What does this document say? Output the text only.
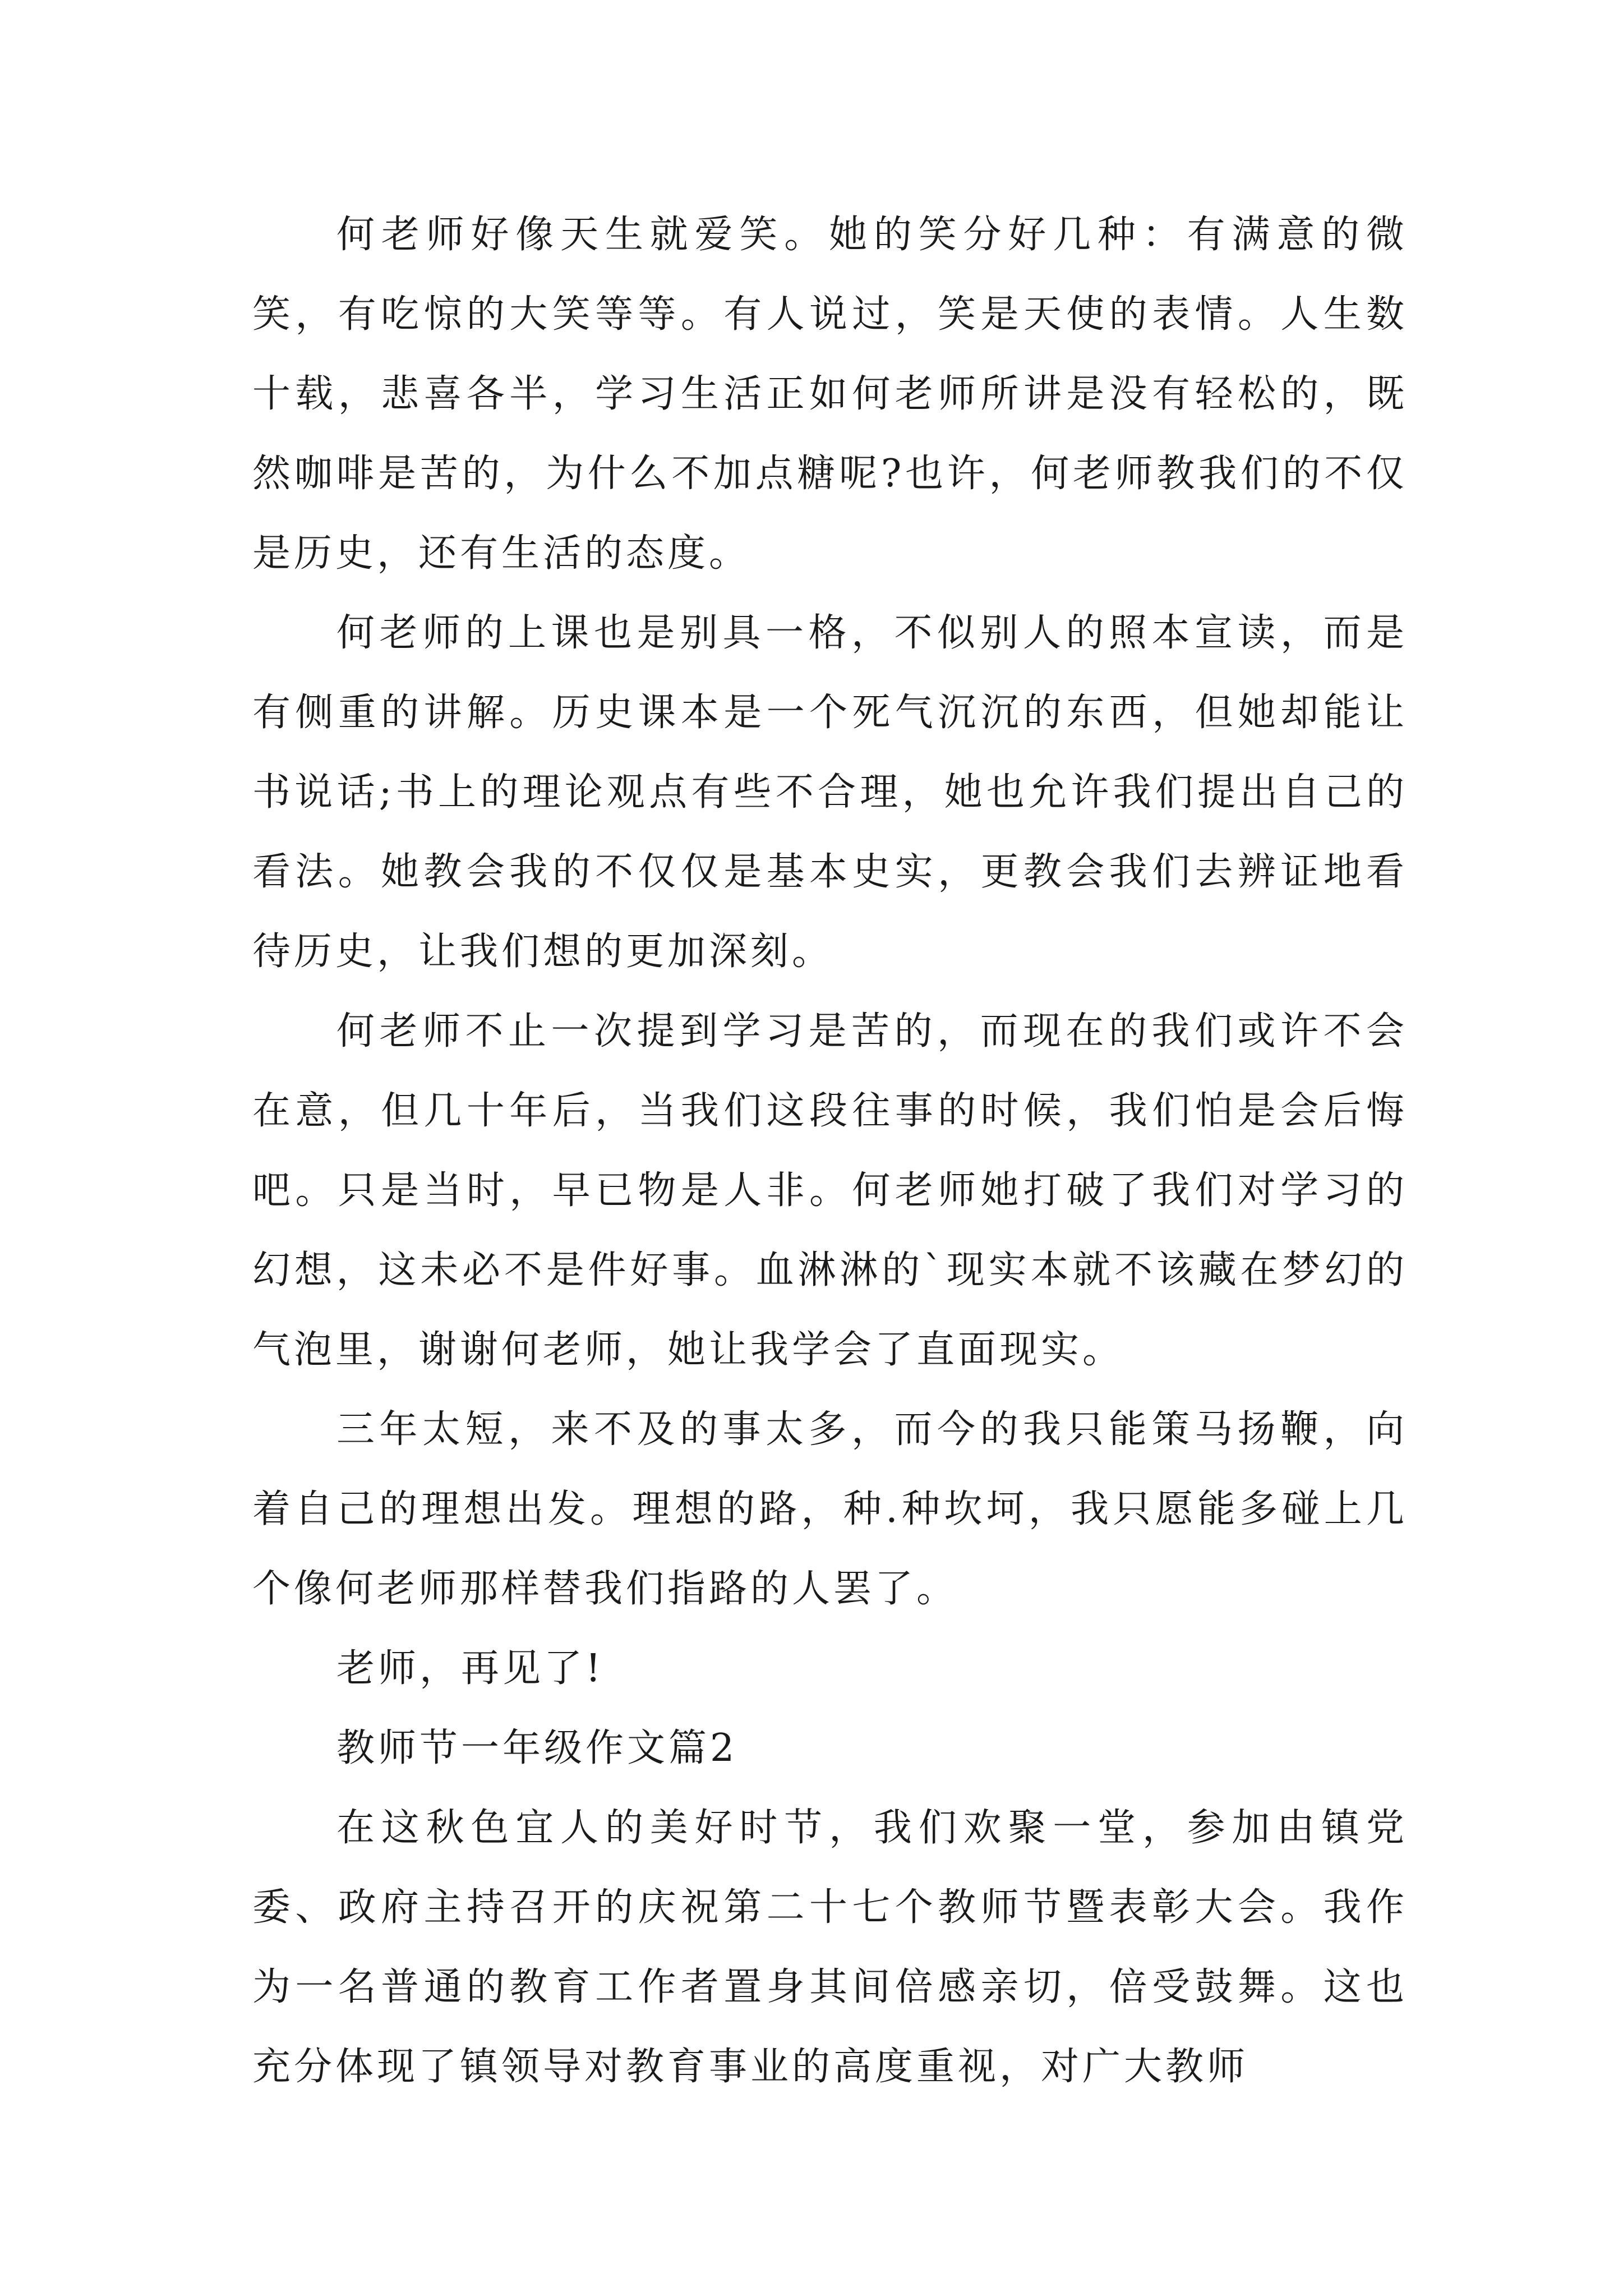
何老师好像天生就爱笑。她的笑分好几种：有满意的微笑，有吃惊的大笑等等。有人说过，笑是天使的表情。人生数十载，悲喜各半，学习生活正如何老师所讲是没有轻松的，既然咖啡是苦的，为什么不加点糖呢?也许，何老师教我们的不仅是历史，还有生活的态度。

何老师的上课也是别具一格，不似别人的照本宣读，而是有侧重的讲解。历史课本是一个死气沉沉的东西，但她却能让书说话;书上的理论观点有些不合理，她也允许我们提出自己的看法。她教会我的不仅仅是基本史实，更教会我们去辨证地看待历史，让我们想的更加深刻。

何老师不止一次提到学习是苦的，而现在的我们或许不会在意，但几十年后，当我们这段往事的时候，我们怕是会后悔吧。只是当时，早已物是人非。何老师她打破了我们对学习的幻想，这未必不是件好事。血淋淋的`现实本就不该藏在梦幻的气泡里，谢谢何老师，她让我学会了直面现实。

三年太短，来不及的事太多，而今的我只能策马扬鞭，向着自己的理想出发。理想的路，种.种坎坷，我只愿能多碰上几个像何老师那样替我们指路的人罢了。

老师，再见了!

教师节一年级作文篇2

在这秋色宜人的美好时节，我们欢聚一堂，参加由镇党委、政府主持召开的庆祝第二十七个教师节暨表彰大会。我作为一名普通的教育工作者置身其间倍感亲切，倍受鼓舞。这也充分体现了镇领导对教育事业的高度重视，对广大教师
